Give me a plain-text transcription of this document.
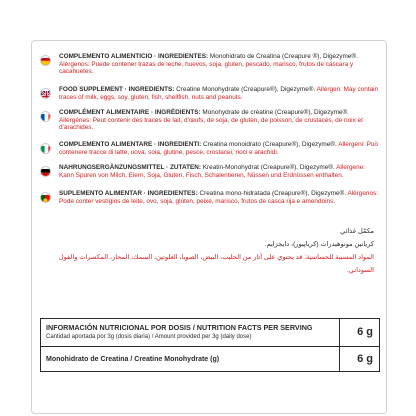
COMPLEMENTO ALIMENTICIO · INGREDIENTES: Monohidrato de Creatina (Creapure ®), Digezyme®. Alérgenos: Puede contener trazas de leche, huevos, soja, gluten, pescado, marisco, frutos de cáscara y cacahuetes.
FOOD SUPPLEMENT · INGREDIENTS: Creatine Monohydrate (Creapure®), Digezyme®. Allergen: May contain traces of milk, eggs, soy, gluten, fish, shellfish, nuts and peanuts.
COMPLÉMENT ALIMENTAIRE · INGRÉDIENTS: Monohydrate de créatine (Creapure®), Digezyme®. Allergènes: Peut contenir des traces de lait, d'œufs, de soja, de gluten, de poisson, de crustacés, de noix et d'arachides.
COMPLEMENTO ALIMENTARE · INGREDIENTI: Creatina monoidrato (Creapure®), Digezyme®. Allergeni: Può contenere tracce di latte, uova, soia, glutine, pesce, crostacei, noci e arachidi.
NAHRUNGSERGÄNZUNGSMITTEL · ZUTATEN: Kreatin-Monohydrat (Creapure®), Digezyme®. Allergene: Kann Spuren von Milch, Eiern, Soja, Gluten, Fisch, Schalentieren, Nüssen und Erdnüssen enthalten.
SUPLEMENTO ALIMENTAR · INGREDIENTES: Creatina mono-hidratada (Creapure®), Digezyme®. Alérgenos: Pode conter vestígios de leite, ovo, soja, glúten, peixe, marisco, frutos de casca rija e amendoins.
مكمّل غذائي
كرياتين مونوهيدرات (كرياپيور)، دايجزايم.
المواد المسببة للحساسية: قد يحتوي على آثار من الحليب، البيض، الصويا، الغلوتين، السمك، المحار، المكسرات والفول السوداني.
INFORMACIÓN NUTRICIONAL POR DOSIS / NUTRITION FACTS PER SERVING
Cantidad aportada por 3g (dosis diaria) / Amount provided per 3g (daily dose)	6 g
Monohidrato de Creatina / Creatine Monohydrate (g)	6 g
